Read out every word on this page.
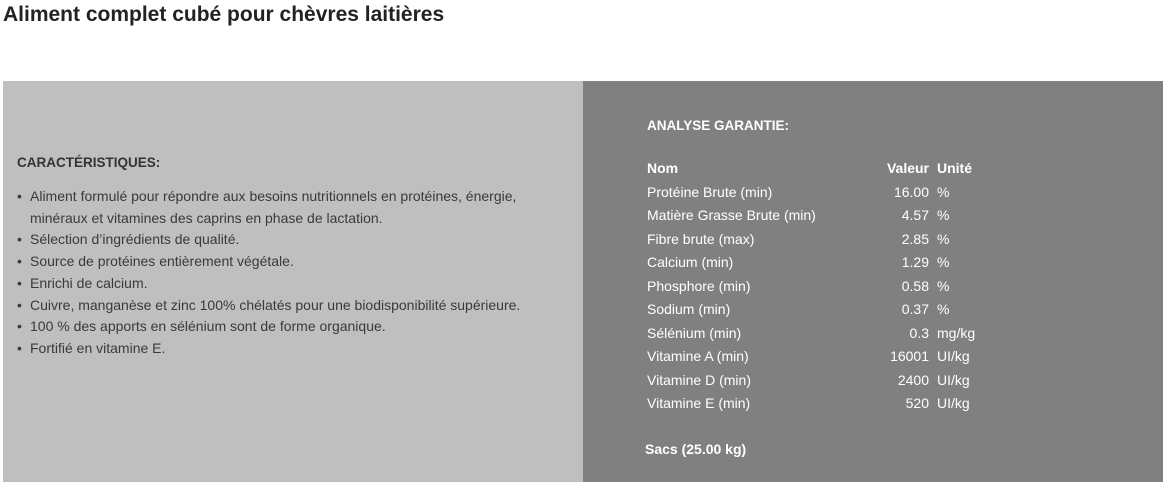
Aliment complet cubé pour chèvres laitières
CARACTÉRISTIQUES:
• Aliment formulé pour répondre aux besoins nutritionnels en protéines, énergie, minéraux et vitamines des caprins en phase de lactation.
• Sélection d’ingrédients de qualité.
• Source de protéines entièrement végétale.
• Enrichi de calcium.
• Cuivre, manganèse et zinc 100% chélatés pour une biodisponibilité supérieure.
• 100 % des apports en sélénium sont de forme organique.
• Fortifié en vitamine E.
ANALYSE GARANTIE:
Nom	Valeur	Unité
Protéine Brute (min)	16.00	%
Matière Grasse Brute (min)	4.57	%
Fibre brute (max)	2.85	%
Calcium (min)	1.29	%
Phosphore (min)	0.58	%
Sodium (min)	0.37	%
Sélénium (min)	0.3	mg/kg
Vitamine A (min)	16001	UI/kg
Vitamine D (min)	2400	UI/kg
Vitamine E (min)	520	UI/kg

Sacs (25.00 kg)
